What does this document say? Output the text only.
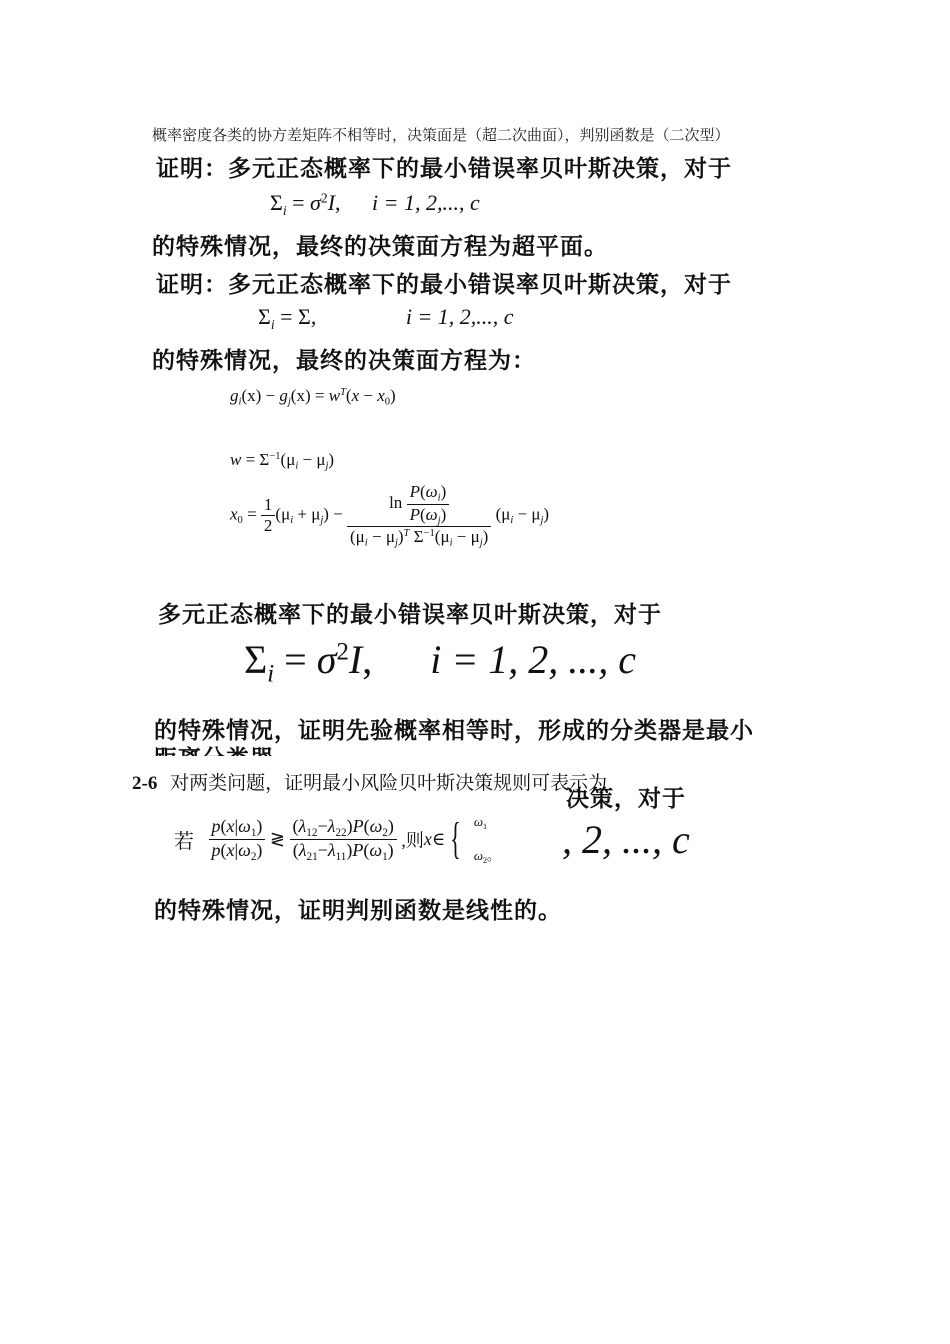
概率密度各类的协方差矩阵不相等时，决策面是（超二次曲面），判别函数是（二次型）
证明：多元正态概率下的最小错误率贝叶斯决策，对于
$\Sigma_i = \sigma^2I$, i = 1, 2,..., c
的特殊情况，最终的决策面方程为超平面。
证明：多元正态概率下的最小错误率贝叶斯决策，对于
$\Sigma_i = \Sigma$,	i = 1, 2,..., c
的特殊情况，最终的决策面方程为：
$g_i(x) - g_j(x) = w^T(x - x_0)$
$w = \Sigma^{-1}(\mu_i - \mu_j)$
$x_0 = \frac{1}{2} (\mu_i + \mu_j) - \frac{\ln \frac{P(\omega_i)}{P(\omega_j)}}{(\mu_i - \mu_j)^T \Sigma^{-1}(\mu_i - \mu_j)} (\mu_i - \mu_j)$
多元正态概率下的最小错误率贝叶斯决策，对于
$\Sigma_i = \sigma^2I$, i = 1, 2, ..., c
的特殊情况，证明先验概率相等时，形成的分类器是最小
2-6 对两类问题，证明最小风险贝叶斯决策规则可表示为
若 $\frac{p(x|\omega_1)}{p(x|\omega_2)}$ ≷ $\frac{(\lambda_{12}-\lambda_{22})P(\omega_2)}{(\lambda_{21}-\lambda_{11})P(\omega_1)}$ ,则x∈ { $\omega_1$
$\omega_2$。
决策，对于
, 2, ..., c
的特殊情况，证明判别函数是线性的。
